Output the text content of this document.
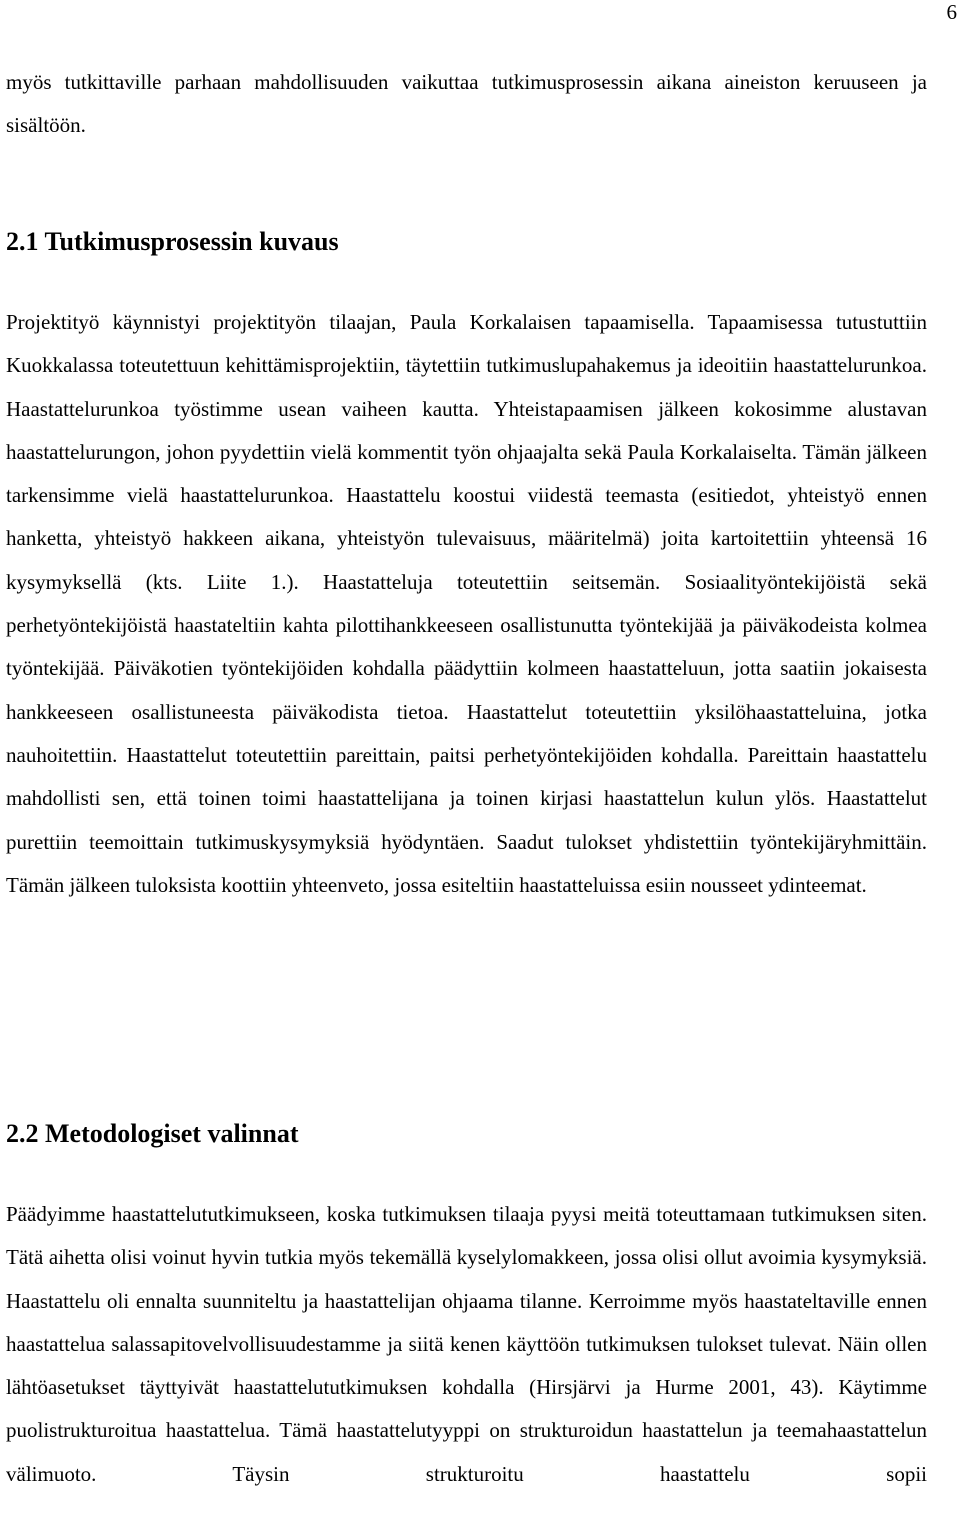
6

myös tutkittaville parhaan mahdollisuuden vaikuttaa tutkimusprosessin aikana aineiston keruuseen ja sisältöön.

2.1 Tutkimusprosessin kuvaus

Projektityö käynnistyi projektityön tilaajan, Paula Korkalaisen tapaamisella. Tapaamisessa tutustuttiin Kuokkalassa toteutettuun kehittämisprojektiin, täytettiin tutkimuslupahakemus ja ideoitiin haastattelurunkoa. Haastattelurunkoa työstimme usean vaiheen kautta. Yhteistapaamisen jälkeen kokosimme alustavan haastattelurungon, johon pyydettiin vielä kommentit työn ohjaajalta sekä Paula Korkalaiselta. Tämän jälkeen tarkensimme vielä haastattelurunkoa. Haastattelu koostui viidestä teemasta (esitiedot, yhteistyö ennen hanketta, yhteistyö hakkeen aikana, yhteistyön tulevaisuus, määritelmä) joita kartoitettiin yhteensä 16 kysymyksellä (kts. Liite 1.). Haastatteluja toteutettiin seitsemän. Sosiaalityöntekijöistä sekä perhetyöntekijöistä haastateltiin kahta pilottihankkeeseen osallistunutta työntekijää ja päiväkodeista kolmea työntekijää. Päiväkotien työntekijöiden kohdalla päädyttiin kolmeen haastatteluun, jotta saatiin jokaisesta hankkeeseen osallistuneesta päiväkodista tietoa. Haastattelut toteutettiin yksilöhaastatteluina, jotka nauhoitettiin. Haastattelut toteutettiin pareittain, paitsi perhetyöntekijöiden kohdalla. Pareittain haastattelu mahdollisti sen, että toinen toimi haastattelijana ja toinen kirjasi haastattelun kulun ylös. Haastattelut purettiin teemoittain tutkimuskysymyksiä hyödyntäen. Saadut tulokset yhdistettiin työntekijäryhmittäin. Tämän jälkeen tuloksista koottiin yhteenveto, jossa esiteltiin haastatteluissa esiin nousseet ydinteemat.

2.2 Metodologiset valinnat

Päädyimme haastattelututkimukseen, koska tutkimuksen tilaaja pyysi meitä toteuttamaan tutkimuksen siten. Tätä aihetta olisi voinut hyvin tutkia myös tekemällä kyselylomakkeen, jossa olisi ollut avoimia kysymyksiä. Haastattelu oli ennalta suunniteltu ja haastattelijan ohjaama tilanne. Kerroimme myös haastateltaville ennen haastattelua salassapitovelvollisuudestamme ja siitä kenen käyttöön tutkimuksen tulokset tulevat. Näin ollen lähtöasetukset täyttyivät haastattelututkimuksen kohdalla (Hirsjärvi ja Hurme 2001, 43). Käytimme puolistrukturoitua haastattelua. Tämä haastattelutyyppi on strukturoidun haastattelun ja teemahaastattelun välimuoto. Täysin strukturoitu haastattelu sopii
